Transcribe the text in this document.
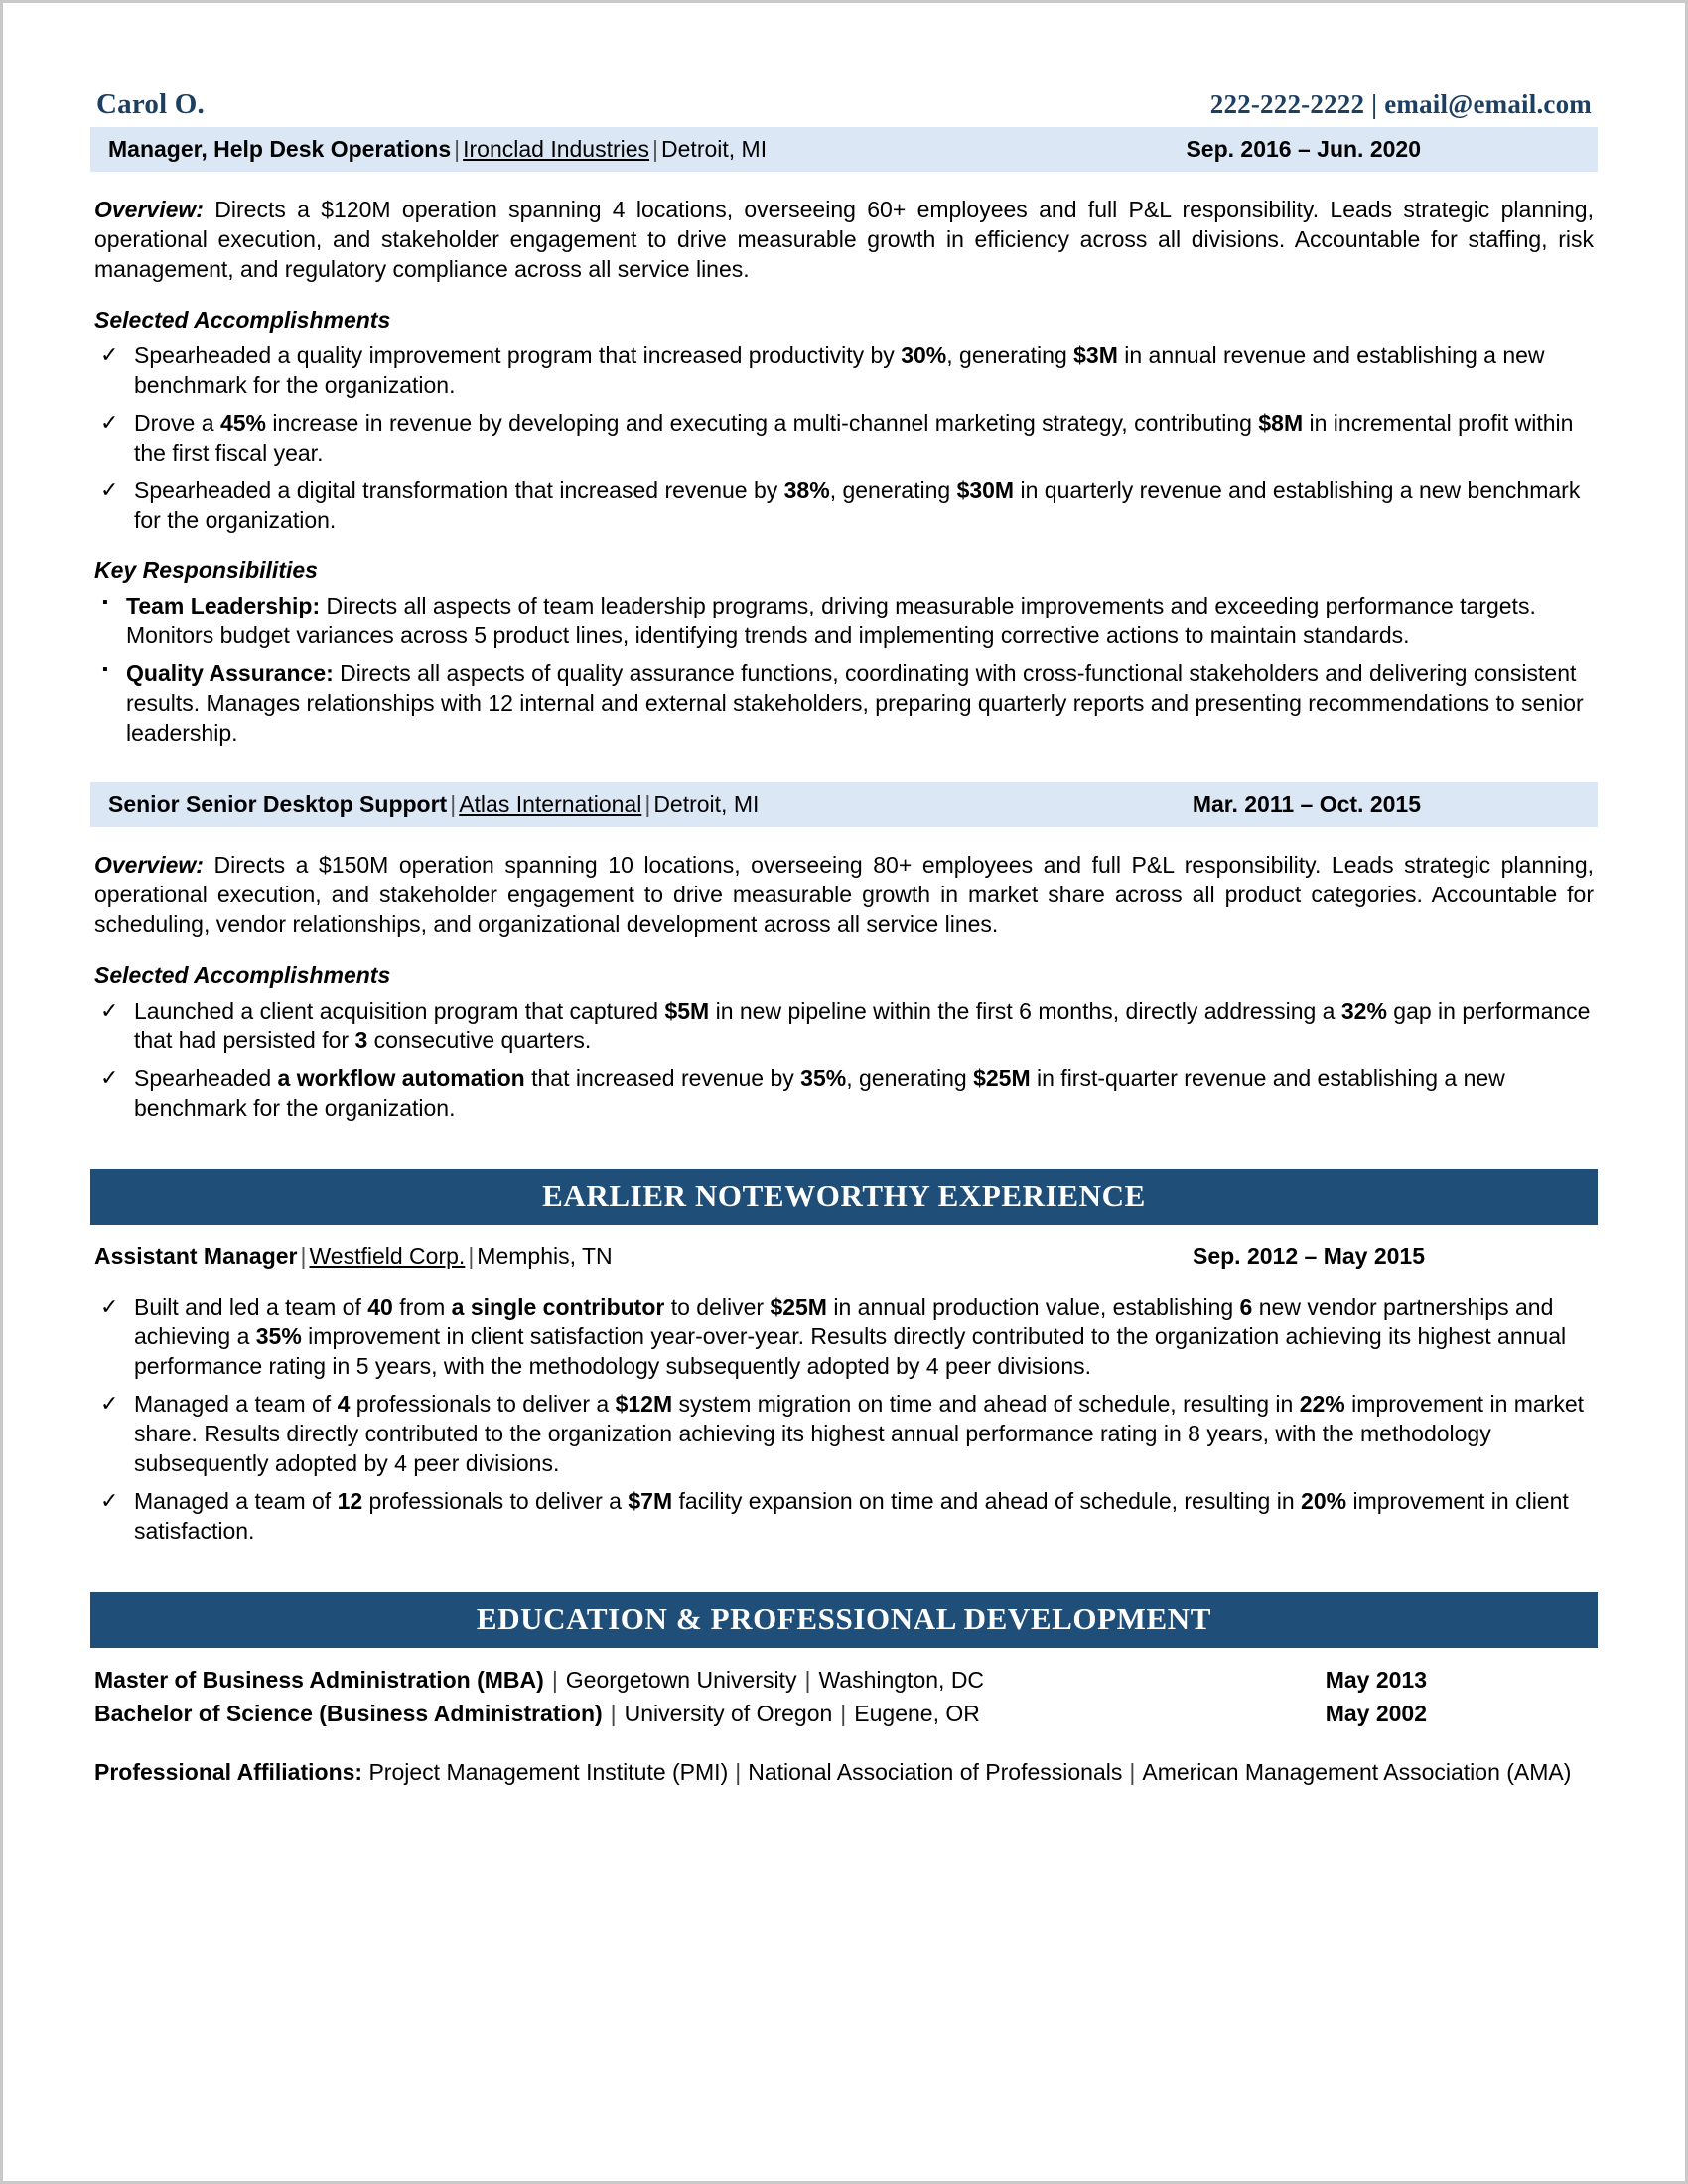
Carol O.	222-222-2222 | email@email.com
Manager, Help Desk Operations | Ironclad Industries | Detroit, MI	Sep. 2016 – Jun. 2020
Overview: Directs a $120M operation spanning 4 locations, overseeing 60+ employees and full P&L responsibility. Leads strategic planning, operational execution, and stakeholder engagement to drive measurable growth in efficiency across all divisions. Accountable for staffing, risk management, and regulatory compliance across all service lines.
Selected Accomplishments
✓ Spearheaded a quality improvement program that increased productivity by 30%, generating $3M in annual revenue and establishing a new benchmark for the organization.
✓ Drove a 45% increase in revenue by developing and executing a multi-channel marketing strategy, contributing $8M in incremental profit within the first fiscal year.
✓ Spearheaded a digital transformation that increased revenue by 38%, generating $30M in quarterly revenue and establishing a new benchmark for the organization.
Key Responsibilities
▪ Team Leadership: Directs all aspects of team leadership programs, driving measurable improvements and exceeding performance targets. Monitors budget variances across 5 product lines, identifying trends and implementing corrective actions to maintain standards.
▪ Quality Assurance: Directs all aspects of quality assurance functions, coordinating with cross-functional stakeholders and delivering consistent results. Manages relationships with 12 internal and external stakeholders, preparing quarterly reports and presenting recommendations to senior leadership.
Senior Senior Desktop Support | Atlas International | Detroit, MI	Mar. 2011 – Oct. 2015
Overview: Directs a $150M operation spanning 10 locations, overseeing 80+ employees and full P&L responsibility. Leads strategic planning, operational execution, and stakeholder engagement to drive measurable growth in market share across all product categories. Accountable for scheduling, vendor relationships, and organizational development across all service lines.
Selected Accomplishments
✓ Launched a client acquisition program that captured $5M in new pipeline within the first 6 months, directly addressing a 32% gap in performance that had persisted for 3 consecutive quarters.
✓ Spearheaded a workflow automation that increased revenue by 35%, generating $25M in first-quarter revenue and establishing a new benchmark for the organization.
EARLIER NOTEWORTHY EXPERIENCE
Assistant Manager | Westfield Corp. | Memphis, TN	Sep. 2012 – May 2015
✓ Built and led a team of 40 from a single contributor to deliver $25M in annual production value, establishing 6 new vendor partnerships and achieving a 35% improvement in client satisfaction year-over-year. Results directly contributed to the organization achieving its highest annual performance rating in 5 years, with the methodology subsequently adopted by 4 peer divisions.
✓ Managed a team of 4 professionals to deliver a $12M system migration on time and ahead of schedule, resulting in 22% improvement in market share. Results directly contributed to the organization achieving its highest annual performance rating in 8 years, with the methodology subsequently adopted by 4 peer divisions.
✓ Managed a team of 12 professionals to deliver a $7M facility expansion on time and ahead of schedule, resulting in 20% improvement in client satisfaction.
EDUCATION & PROFESSIONAL DEVELOPMENT
Master of Business Administration (MBA) | Georgetown University | Washington, DC	May 2013
Bachelor of Science (Business Administration) | University of Oregon | Eugene, OR	May 2002
Professional Affiliations: Project Management Institute (PMI) | National Association of Professionals | American Management Association (AMA)
